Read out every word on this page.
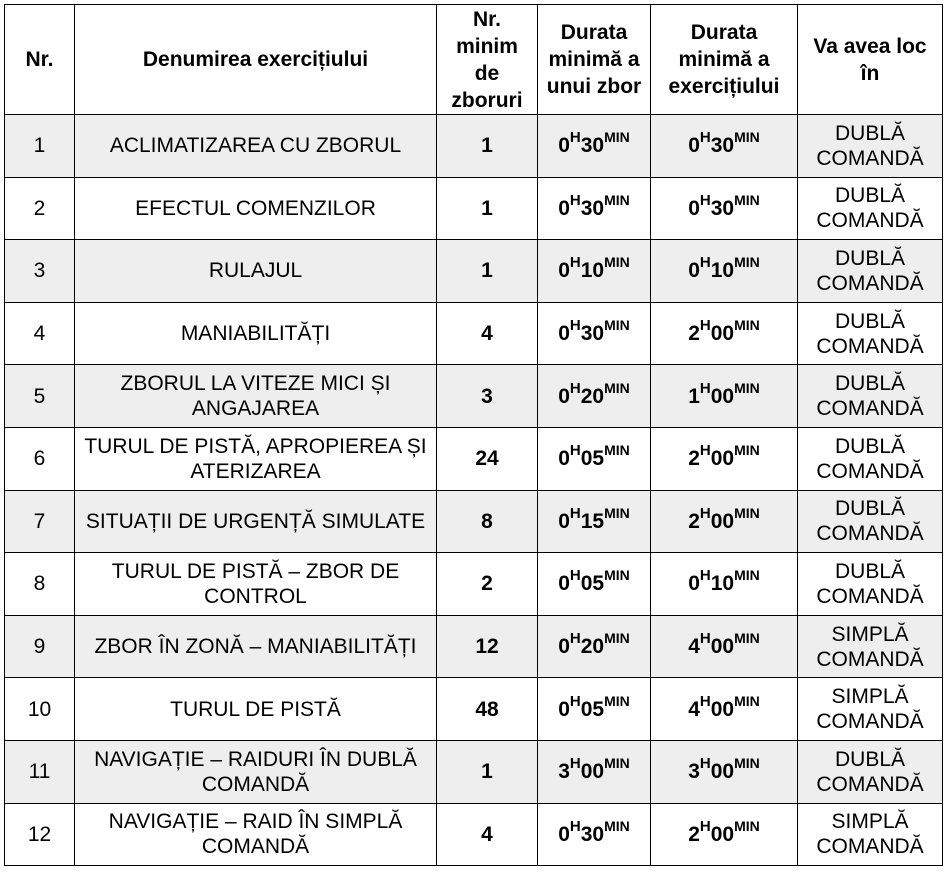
Nr.	Denumirea exercițiului	Nr. minim de zboruri	Durata minimă a unui zbor	Durata minimă a exercițiului	Va avea loc în
1	ACLIMATIZAREA CU ZBORUL	1	$0^H30^{MIN}$	$0^H30^{MIN}$	DUBLĂ
COMANDĂ
2	EFECTUL COMENZILOR	1	$0^H30^{MIN}$	$0^H30^{MIN}$	DUBLĂ
COMANDĂ
3	RULAJUL	1	$0^H10^{MIN}$	$0^H10^{MIN}$	DUBLĂ
COMANDĂ
4	MANIABILITĂȚI	4	$0^H30^{MIN}$	$2^H00^{MIN}$	DUBLĂ
COMANDĂ
5	ZBORUL LA VITEZE MICI ȘI ANGAJAREA	3	$0^H20^{MIN}$	$1^H00^{MIN}$	DUBLĂ
COMANDĂ
6	TURUL DE PISTĂ, APROPIEREA ȘI ATERIZAREA	24	$0^H05^{MIN}$	$2^H00^{MIN}$	DUBLĂ
COMANDĂ
7	SITUAȚII DE URGENȚĂ SIMULATE	8	$0^H15^{MIN}$	$2^H00^{MIN}$	DUBLĂ
COMANDĂ
8	TURUL DE PISTĂ – ZBOR DE CONTROL	2	$0^H05^{MIN}$	$0^H10^{MIN}$	DUBLĂ
COMANDĂ
9	ZBOR ÎN ZONĂ – MANIABILITĂȚI	12	$0^H20^{MIN}$	$4^H00^{MIN}$	SIMPLĂ
COMANDĂ
10	TURUL DE PISTĂ	48	$0^H05^{MIN}$	$4^H00^{MIN}$	SIMPLĂ
COMANDĂ
11	NAVIGAȚIE – RAIDURI ÎN DUBLĂ COMANDĂ	1	$3^H00^{MIN}$	$3^H00^{MIN}$	DUBLĂ
COMANDĂ
12	NAVIGAȚIE – RAID ÎN SIMPLĂ COMANDĂ	4	$0^H30^{MIN}$	$2^H00^{MIN}$	SIMPLĂ
COMANDĂ
